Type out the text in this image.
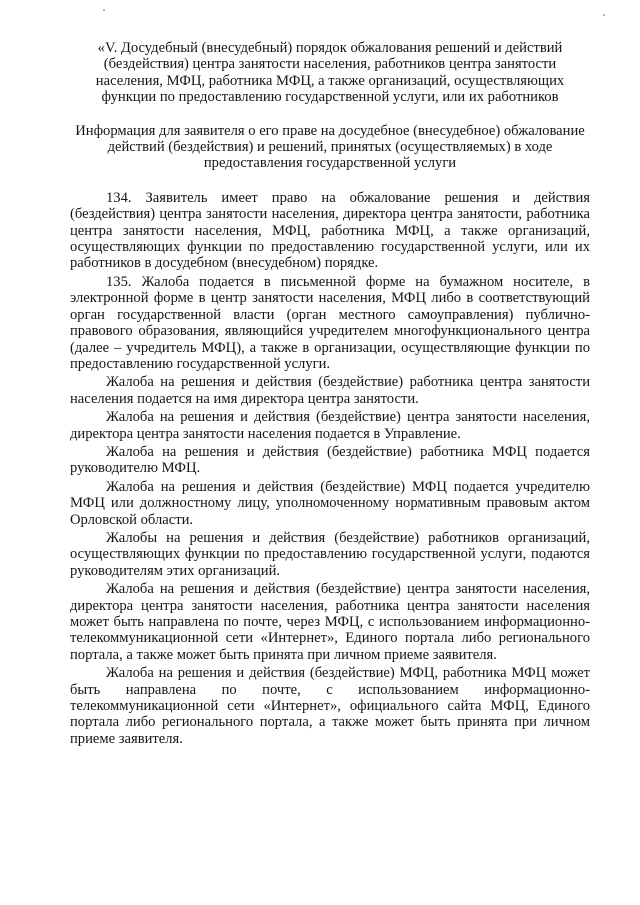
«V. Досудебный (внесудебный) порядок обжалования решений и действий (бездействия) центра занятости населения, работников центра занятости населения, МФЦ, работника МФЦ, а также организаций, осуществляющих функции по предоставлению государственной услуги, или их работников

Информация для заявителя о его праве на досудебное (внесудебное) обжалование действий (бездействия) и решений, принятых (осуществляемых) в ходе предоставления государственной услуги

134. Заявитель имеет право на обжалование решения и действия (бездействия) центра занятости населения, директора центра занятости, работника центра занятости населения, МФЦ, работника МФЦ, а также организаций, осуществляющих функции по предоставлению государственной услуги, или их работников в досудебном (внесудебном) порядке.

135. Жалоба подается в письменной форме на бумажном носителе, в электронной форме в центр занятости населения, МФЦ либо в соответствующий орган государственной власти (орган местного самоуправления) публично-правового образования, являющийся учредителем многофункционального центра (далее – учредитель МФЦ), а также в организации, осуществляющие функции по предоставлению государственной услуги.

Жалоба на решения и действия (бездействие) работника центра занятости населения подается на имя директора центра занятости.

Жалоба на решения и действия (бездействие) центра занятости населения, директора центра занятости населения подается в Управление.

Жалоба на решения и действия (бездействие) работника МФЦ подается руководителю МФЦ.

Жалоба на решения и действия (бездействие) МФЦ подается учредителю МФЦ или должностному лицу, уполномоченному нормативным правовым актом Орловской области.

Жалобы на решения и действия (бездействие) работников организаций, осуществляющих функции по предоставлению государственной услуги, подаются руководителям этих организаций.

Жалоба на решения и действия (бездействие) центра занятости населения, директора центра занятости населения, работника центра занятости населения может быть направлена по почте, через МФЦ, с использованием информационно-телекоммуникационной сети «Интернет», Единого портала либо регионального портала, а также может быть принята при личном приеме заявителя.

Жалоба на решения и действия (бездействие) МФЦ, работника МФЦ может быть направлена по почте, с использованием информационно-телекоммуникационной сети «Интернет», официального сайта МФЦ, Единого портала либо регионального портала, а также может быть принята при личном приеме заявителя.
